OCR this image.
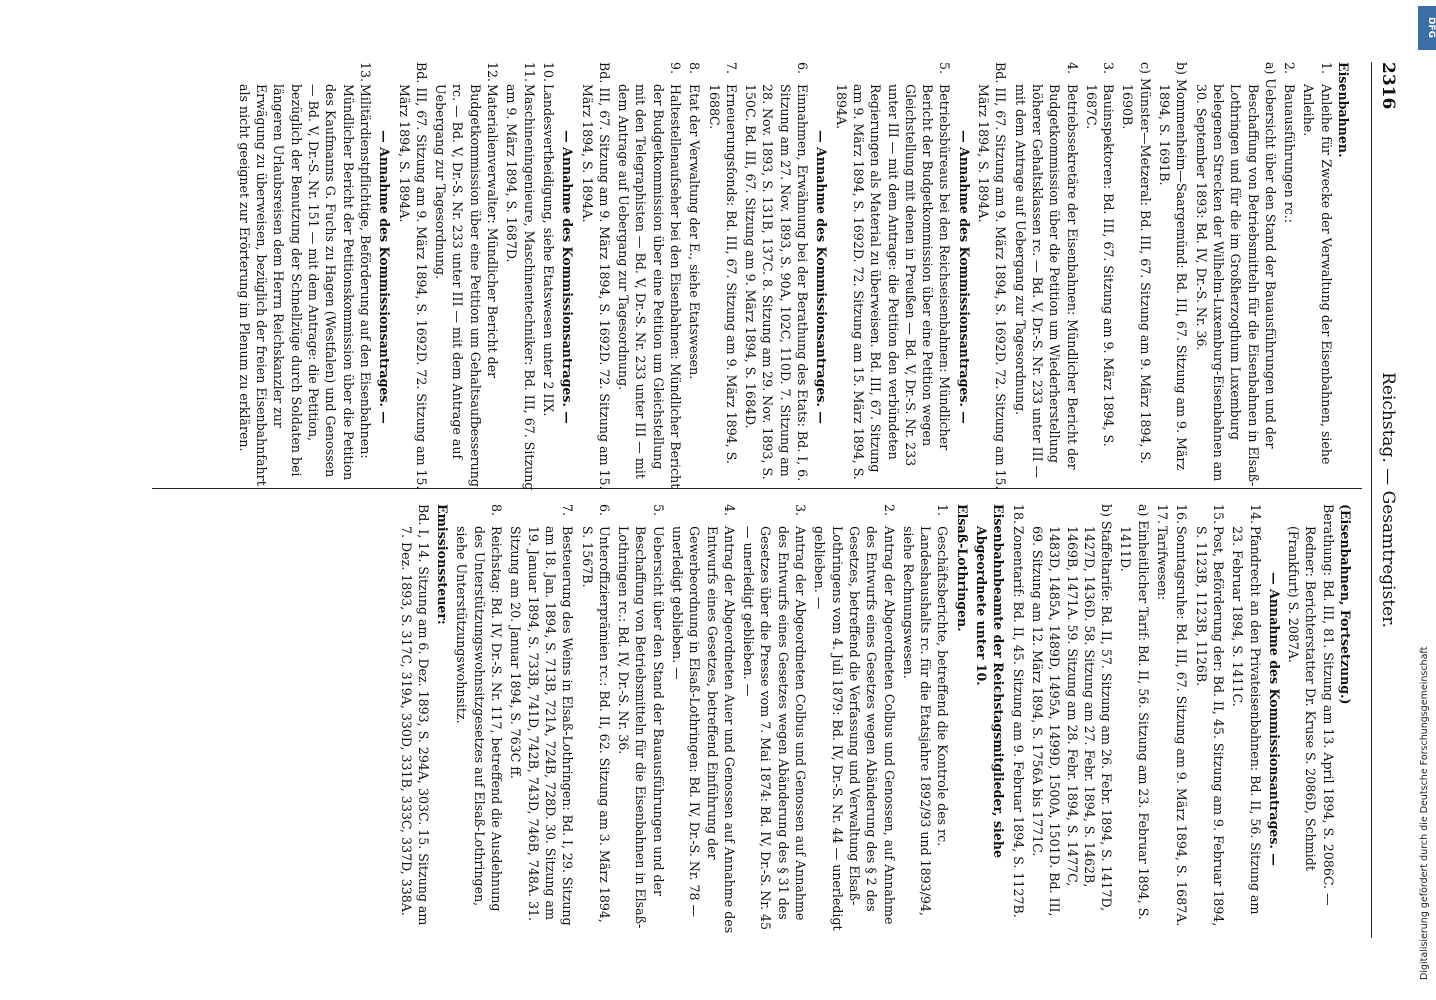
2316
Reichstag. — Gesamtregister.
Eisenbahnen.
1.Anleihe für Zwecke der Verwaltung der Eisenbahnen, siehe Anleihe.
2.Bauausführungen rc.:
a) Uebersicht über den Stand der Bauausführungen und der Beschaffung von Betriebsmitteln für die Eisenbahnen in Elsaß-Lothringen und für die im Großherzogthum Luxemburg belegenen Strecken der Wilhelm-Luxemburg-Eisenbahnen am 30. September 1893: Bd. IV, Dr.-S. Nr. 36.
b) Mommenheim—Saargemünd: Bd. III, 67. Sitzung am 9. März 1894, S. 1691B.
c) Münster—Metzeral: Bd. III, 67. Sitzung am 9. März 1894, S. 1690B.
3.Bauinspektoren: Bd. III, 67. Sitzung am 9. März 1894, S. 1687C.
4.Betriebssekretäre der Eisenbahnen: Mündlicher Bericht der Budgetkommission über die Petition um Wiederherstellung höherer Gehaltsklassen rc. — Bd. V, Dr.-S. Nr. 233 unter III — mit dem Antrage auf Uebergang zur Tagesordnung.
Bd. III, 67. Sitzung am 9. März 1894, S. 1692D. 72. Sitzung am 15. März 1894, S. 1894A.
— Annahme des Kommissionsantrages. —
5.Betriebsbüreaus bei den Reichseisenbahnen: Mündlicher Bericht der Budgetkommission über eine Petition wegen Gleichstellung mit denen in Preußen — Bd. V, Dr.-S. Nr. 233 unter III — mit dem Antrage: die Petition den verbündeten Regierungen als Material zu überweisen. Bd. III, 67. Sitzung am 9. März 1894, S. 1692D. 72. Sitzung am 15. März 1894, S. 1894A.
— Annahme des Kommissionsantrages. —
6.Einnahmen, Erwähnung bei der Berathung des Etats: Bd. I, 6. Sitzung am 27. Nov. 1893, S. 90A, 102C, 110D. 7. Sitzung am 28. Nov. 1893, S. 131B, 137C. 8. Sitzung am 29. Nov. 1893, S. 150C. Bd. III, 67. Sitzung am 9. März 1894, S. 1684D.
7.Erneuerungsfonds: Bd. III, 67. Sitzung am 9. März 1894, S. 1688C.
8.Etat der Verwaltung der E., siehe Etatswesen.
9.Haltestellenaufseher bei den Eisenbahnen: Mündlicher Bericht der Budgetkommission über eine Petition um Gleichstellung mit den Telegraphisten — Bd. V, Dr.-S. Nr. 233 unter III — mit dem Antrage auf Uebergang zur Tagesordnung.
Bd. III, 67. Sitzung am 9. März 1894, S. 1692D. 72. Sitzung am 15. März 1894, S. 1894A.
— Annahme des Kommissionsantrages. —
10.Landesvertheidigung, siehe Etatswesen unter 2 IIX.
11.Maschineningenieure, Maschinentechniker: Bd. III, 67. Sitzung am 9. März 1894, S. 1687D.
12.Materialienverwalter: Mündlicher Bericht der Budgetkommission über eine Petition um Gehaltsaufbesserung rc. — Bd. V, Dr.-S. Nr. 233 unter III — mit dem Antrage auf Uebergang zur Tagesordnung.
Bd. III, 67. Sitzung am 9. März 1894, S. 1692D. 72. Sitzung am 15. März 1894, S. 1894A.
— Annahme des Kommissionsantrages. —
13.Militärdienstpflichtige, Beförderung auf den Eisenbahnen: Mündlicher Bericht der Petitionskommission über die Petition des Kaufmanns G. Fuchs zu Hagen (Westfalen) und Genossen — Bd. V, Dr.-S. Nr. 151 — mit dem Antrage: die Petition, bezüglich der Benutzung der Schnellzüge durch Soldaten bei längeren Urlaubsreisen dem Herrn Reichskanzler zur Erwägung zu überweisen, bezüglich der freien Eisenbahnfahrt als nicht geeignet zur Erörterung im Plenum zu erklären.
(Eisenbahnen, Fortsetzung.)
Berathung: Bd. III, 81. Sitzung am 13. April 1894, S. 2086C. — Redner: Berichterstatter Dr. Kruse S. 2086D, Schmidt (Frankfurt) S. 2087A.
— Annahme des Kommissionsantrages. —
14.Pfandrecht an den Privateisenbahnen: Bd. II, 56. Sitzung am 23. Februar 1894, S. 1411C.
15.Post, Beförderung der: Bd. II, 45. Sitzung am 9. Februar 1894, S. 1123B, 1123B, 1126B.
16.Sonntagsruhe: Bd. III, 67. Sitzung am 9. März 1894, S. 1687A.
17.Tarifwesen:
a) Einheitlicher Tarif: Bd. II, 56. Sitzung am 23. Februar 1894, S. 1411D.
b) Staffeltarife: Bd. II, 57. Sitzung am 26. Febr. 1894, S. 1417D, 1427D, 1436D. 58. Sitzung am 27. Febr. 1894, S. 1462B, 1469B, 1471A. 59. Sitzung am 28. Febr. 1894, S. 1477C, 1483D, 1485A, 1489D, 1495A, 1499D, 1500A, 1501D. Bd. III, 69. Sitzung am 12. März 1894, S. 1756A bis 1771C.
18.Zonentarif: Bd. II, 45. Sitzung am 9. Februar 1894, S. 1127B.
Eisenbahnbeamte der Reichstagsmitglieder, siehe Abgeordnete unter 10.
Elsaß-Lothringen.
1.Geschäftsberichte, betreffend die Kontrole des rc. Landeshaushalts rc. für die Etatsjahre 1892/93 und 1893/94, siehe Rechnungswesen.
2.Antrag der Abgeordneten Colbus und Genossen, auf Annahme des Entwurfs eines Gesetzes wegen Abänderung des § 2 des Gesetzes, betreffend die Verfassung und Verwaltung Elsaß-Lothringens vom 4. Juli 1879: Bd. IV, Dr.-S. Nr. 44 — unerledigt geblieben. —
3.Antrag der Abgeordneten Colbus und Genossen auf Annahme des Entwurfs eines Gesetzes wegen Abänderung des § 31 des Gesetzes über die Presse vom 7. Mai 1874: Bd. IV, Dr.-S. Nr. 45 — unerledigt geblieben. —
4.Antrag der Abgeordneten Auer und Genossen auf Annahme des Entwurfs eines Gesetzes, betreffend Einführung der Gewerbeordnung in Elsaß-Lothringen: Bd. IV, Dr.-S. Nr. 78 — unerledigt geblieben. —
5.Uebersicht über den Stand der Bauausführungen und der Beschaffung von Betriebsmitteln für die Eisenbahnen in Elsaß-Lothringen rc.: Bd. IV, Dr.-S. Nr. 36.
6.Unteroffizierprämien rc.: Bd. II, 62. Sitzung am 3. März 1894, S. 1567B.
7.Besteuerung des Weins in Elsaß-Lothringen: Bd. I, 29. Sitzung am 18. Jan. 1894, S. 713B, 721A, 724B, 728D. 30. Sitzung am 19. Januar 1894, S. 733B, 741D, 742B, 743D, 746B, 748A. 31. Sitzung am 20. Januar 1894, S. 763C ff.
8.Reichstag: Bd. IV, Dr.-S. Nr. 117, betreffend die Ausdehnung des Unterstützungswohnsitzgesetzes auf Elsaß-Lothringen, siehe Unterstützungswohnsitz.
Emissionssteuer:
Bd. I, 14. Sitzung am 6. Dez. 1893, S. 294A, 303C. 15. Sitzung am 7. Dez. 1893, S. 317C, 319A, 330D, 331B, 333C, 337D, 338A.
DFG
Digitalisierung gefördert durch die Deutsche Forschungsgemeinschaft
